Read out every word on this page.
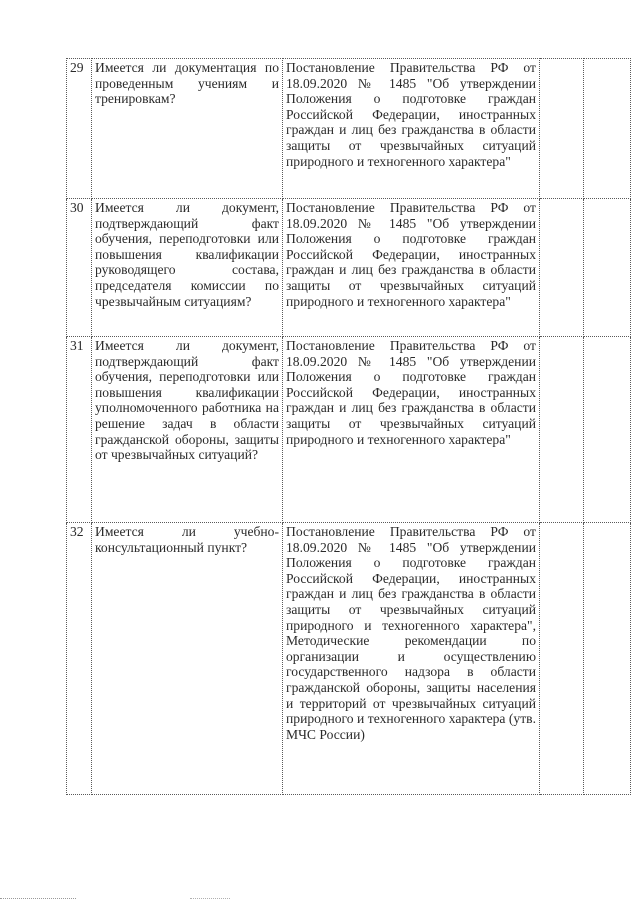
29	Имеется ли документация по проведенным учениям и тренировкам?	Постановление Правительства РФ от 18.09.2020 № 1485 "Об утверждении Положения о подготовке граждан Российской Федерации, иностранных граждан и лиц без гражданства в области защиты от чрезвычайных ситуаций природного и техногенного характера"		
30	Имеется ли документ, подтверждающий факт обучения, переподготовки или повышения квалификации руководящего состава, председателя комиссии по чрезвычайным ситуациям?	Постановление Правительства РФ от 18.09.2020 № 1485 "Об утверждении Положения о подготовке граждан Российской Федерации, иностранных граждан и лиц без гражданства в области защиты от чрезвычайных ситуаций природного и техногенного характера"		
31	Имеется ли документ, подтверждающий факт обучения, переподготовки или повышения квалификации уполномоченного работника на решение задач в области гражданской обороны, защиты от чрезвычайных ситуаций?	Постановление Правительства РФ от 18.09.2020 № 1485 "Об утверждении Положения о подготовке граждан Российской Федерации, иностранных граждан и лиц без гражданства в области защиты от чрезвычайных ситуаций природного и техногенного характера"		
32	Имеется ли учебно-консультационный пункт?	Постановление Правительства РФ от 18.09.2020 № 1485 "Об утверждении Положения о подготовке граждан Российской Федерации, иностранных граждан и лиц без гражданства в области защиты от чрезвычайных ситуаций природного и техногенного характера", Методические рекомендации по организации и осуществлению государственного надзора в области гражданской обороны, защиты населения и территорий от чрезвычайных ситуаций природного и техногенного характера (утв. МЧС России)		
